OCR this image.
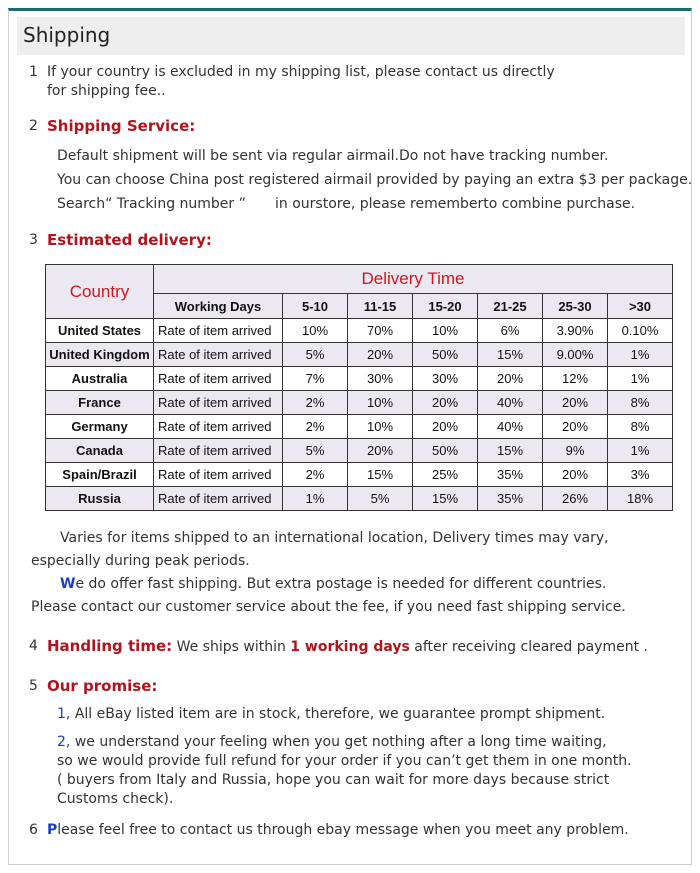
Shipping
1 If your country is excluded in my shipping list, please contact us directly
for shipping fee..
2 Shipping Service:
Default shipment will be sent via regular airmail.Do not have tracking number.
You can choose China post registered airmail provided by paying an extra $3 per package.
Search“ Tracking number ” in ourstore, please rememberto combine purchase.
3 Estimated delivery:
Country	Delivery Time						
	Working Days	5-10	11-15	15-20	21-25	25-30	>30
United States	Rate of item arrived	10%	70%	10%	6%	3.90%	0.10%
United Kingdom	Rate of item arrived	5%	20%	50%	15%	9.00%	1%
Australia	Rate of item arrived	7%	30%	30%	20%	12%	1%
France	Rate of item arrived	2%	10%	20%	40%	20%	8%
Germany	Rate of item arrived	2%	10%	20%	40%	20%	8%
Canada	Rate of item arrived	5%	20%	50%	15%	9%	1%
Spain/Brazil	Rate of item arrived	2%	15%	25%	35%	20%	3%
Russia	Rate of item arrived	1%	5%	15%	35%	26%	18%
Varies for items shipped to an international location, Delivery times may vary,
especially during peak periods.
We do offer fast shipping. But extra postage is needed for different countries.
Please contact our customer service about the fee, if you need fast shipping service.
4 Handling time: We ships within 1 working days after receiving cleared payment .
5 Our promise:
1, All eBay listed item are in stock, therefore, we guarantee prompt shipment.
2, we understand your feeling when you get nothing after a long time waiting,
so we would provide full refund for your order if you can’t get them in one month.
( buyers from Italy and Russia, hope you can wait for more days because strict
Customs check).
6 Please feel free to contact us through ebay message when you meet any problem.
